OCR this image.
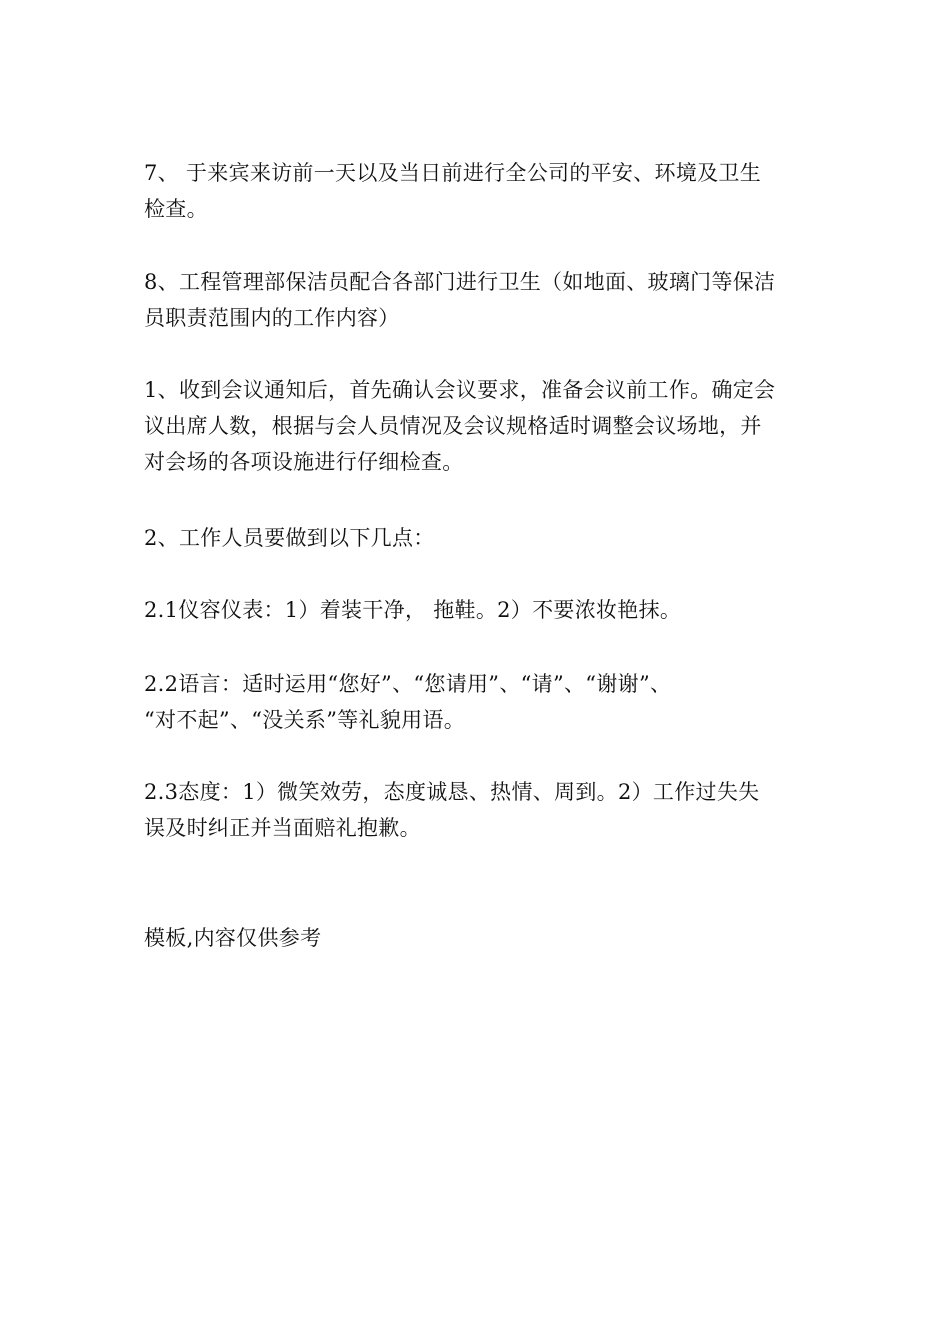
7、 于来宾来访前一天以及当日前进行全公司的平安、环境及卫生
检查。

8、工程管理部保洁员配合各部门进行卫生（如地面、玻璃门等保洁
员职责范围内的工作内容）

1、收到会议通知后，首先确认会议要求，准备会议前工作。确定会
议出席人数，根据与会人员情况及会议规格适时调整会议场地，并
对会场的各项设施进行仔细检查。

2、工作人员要做到以下几点：

2.1仪容仪表：1）着装干净， 拖鞋。2）不要浓妆艳抹。

2.2语言：适时运用“您好”、“您请用”、“请”、“谢谢”、
“对不起”、“没关系”等礼貌用语。

2.3态度：1）微笑效劳，态度诚恳、热情、周到。2）工作过失失
误及时纠正并当面赔礼抱歉。

模板,内容仅供参考
